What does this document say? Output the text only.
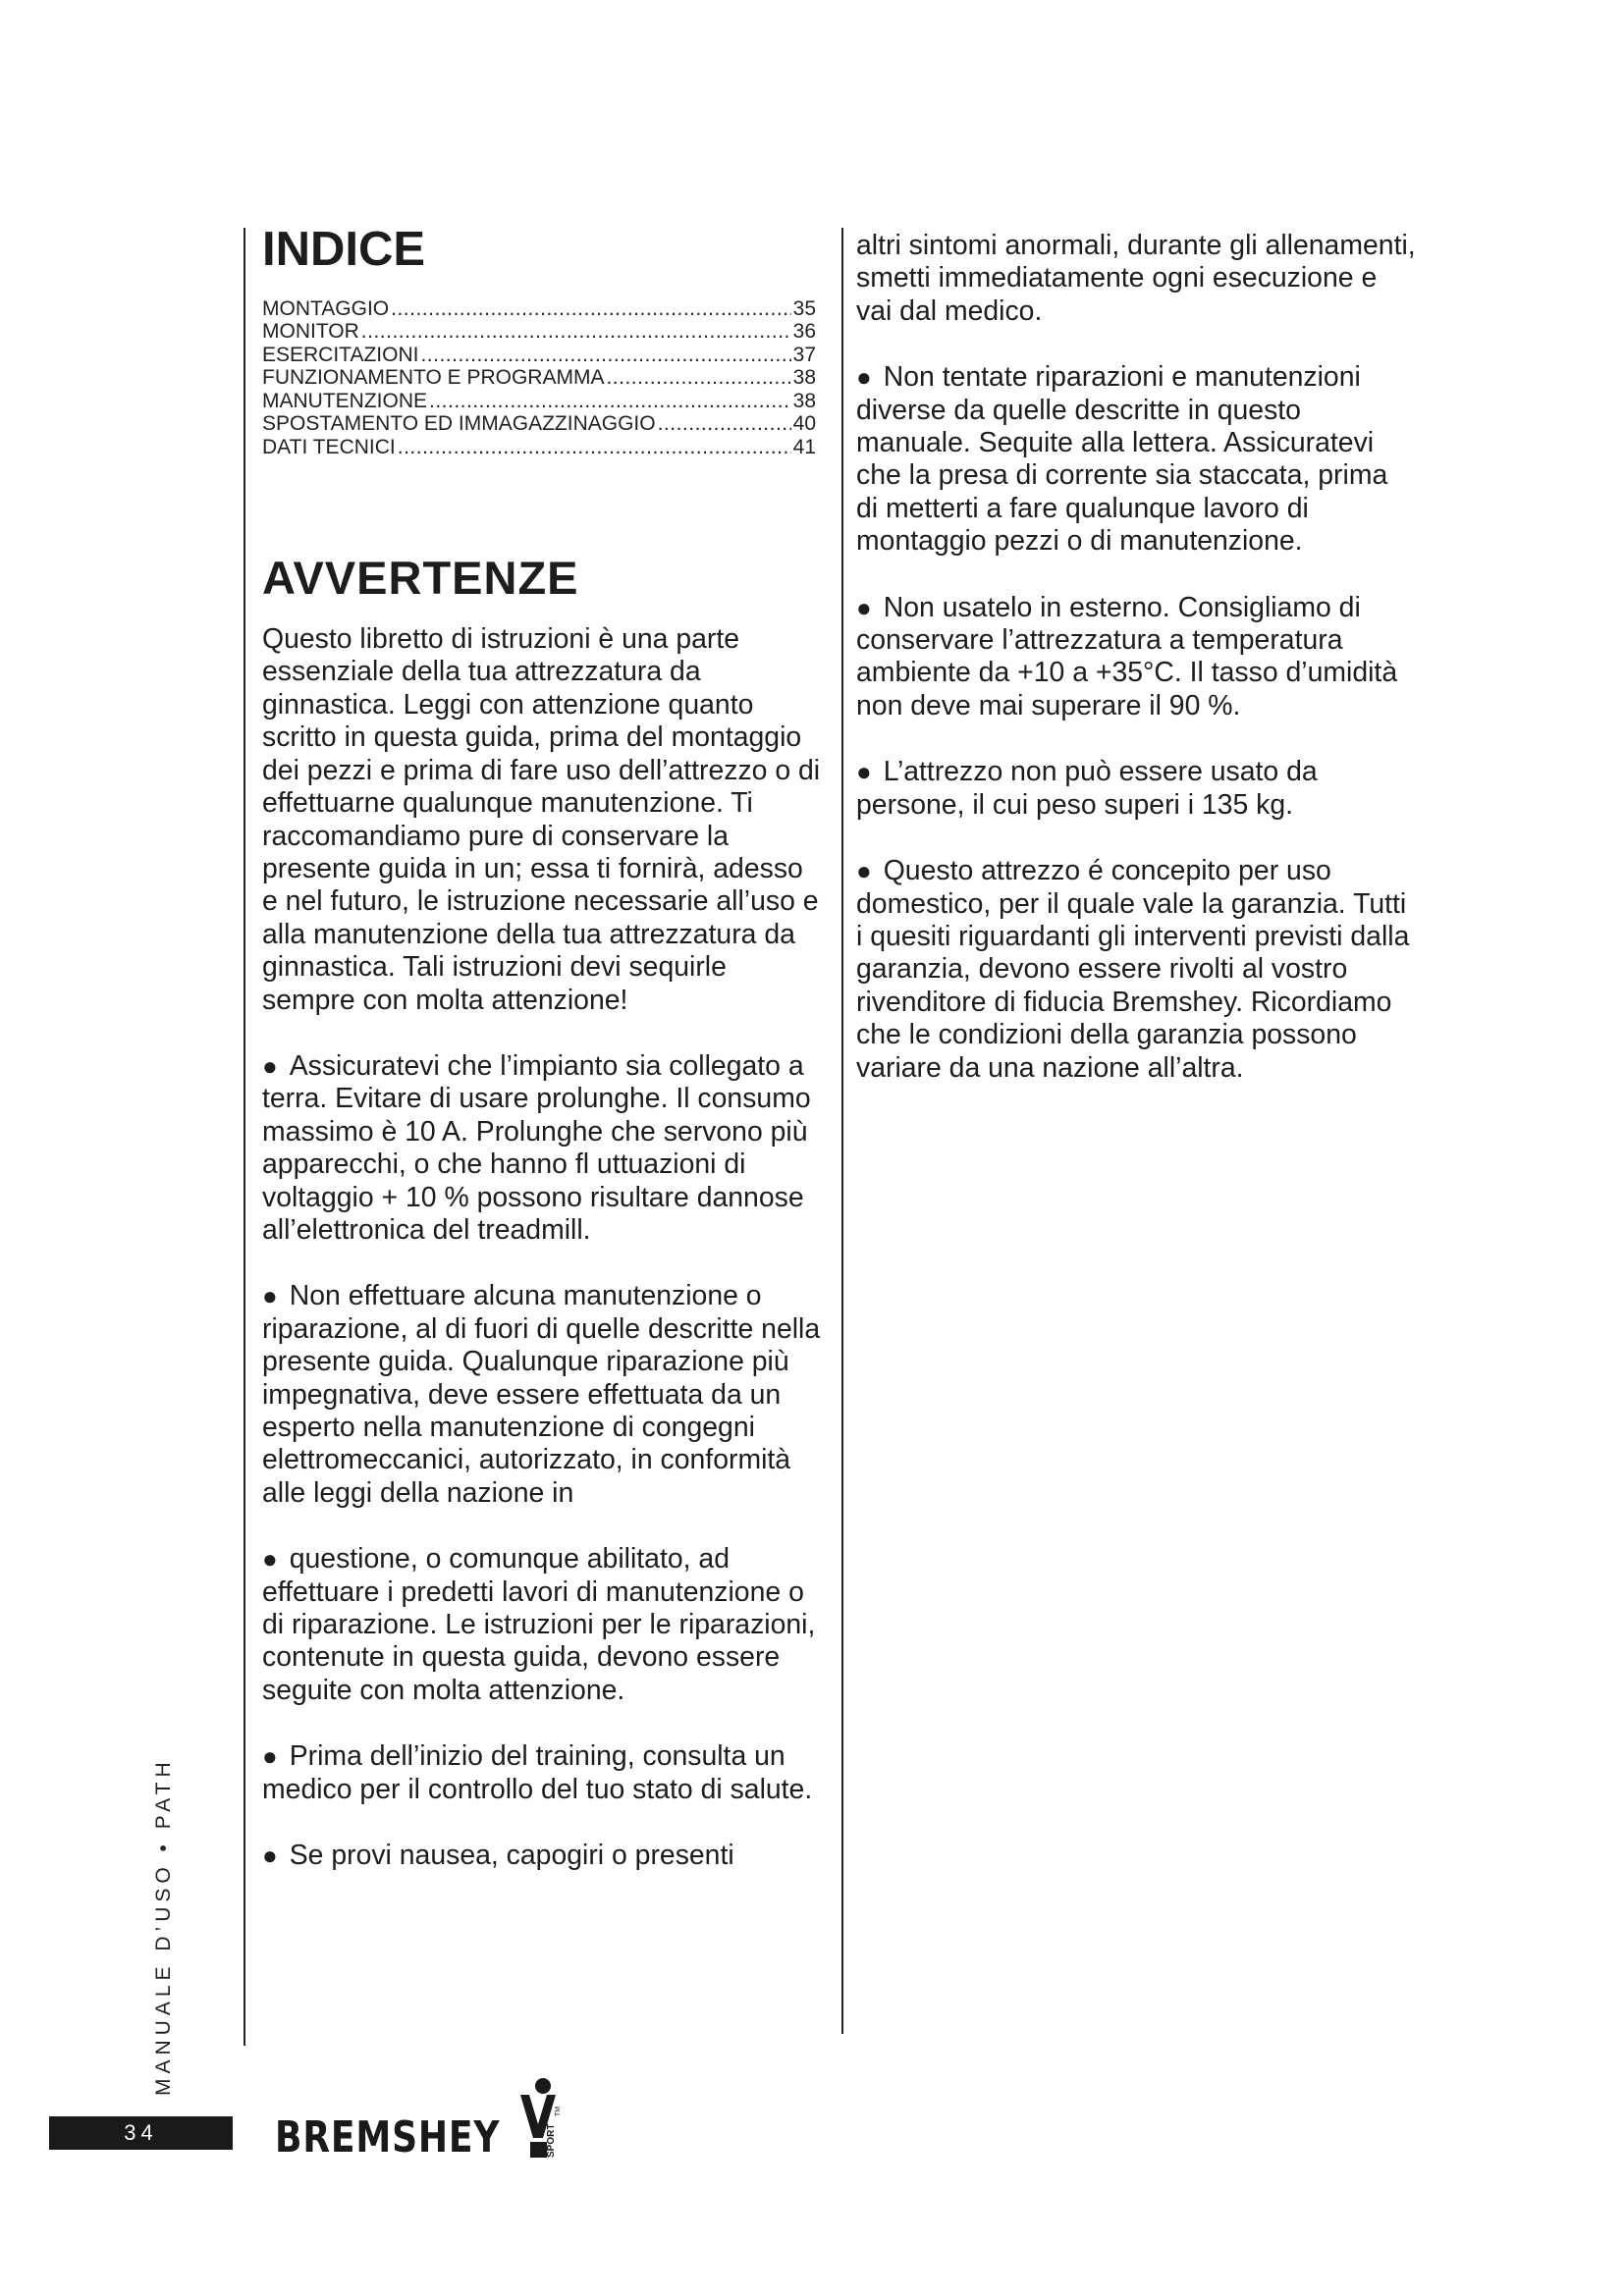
INDICE
MONTAGGIO .....	35
MONITOR .....	36
ESERCITAZIONI .....	37
FUNZIONAMENTO E PROGRAMMA .....	38
MANUTENZIONE .....	38
SPOSTAMENTO ED IMMAGAZZINAGGIO .....	40
DATI TECNICI .....	41
AVVERTENZE

Questo libretto di istruzioni è una parte essenziale della tua attrezzatura da ginnastica. Leggi con attenzione quanto scritto in questa guida, prima del montaggio dei pezzi e prima di fare uso dell’attrezzo o di effettuarne qualunque manutenzione. Ti raccomandiamo pure di conservare la presente guida in un; essa ti fornirà, adesso e nel futuro, le istruzione necessarie all’uso e alla manutenzione della tua attrezzatura da ginnastica. Tali istruzioni devi sequirle sempre con molta attenzione!

● Assicuratevi che l’impianto sia collegato a terra. Evitare di usare prolunghe. Il consumo massimo è 10 A. Prolunghe che servono più apparecchi, o che hanno fl uttuazioni di voltaggio + 10 % possono risultare dannose all’elettronica del treadmill.

● Non effettuare alcuna manutenzione o riparazione, al di fuori di quelle descritte nella presente guida. Qualunque riparazione più impegnativa, deve essere effettuata da un esperto nella manutenzione di congegni elettromeccanici, autorizzato, in conformità alle leggi della nazione in

● questione, o comunque abilitato, ad effettuare i predetti lavori di manutenzione o di riparazione. Le istruzioni per le riparazioni, contenute in questa guida, devono essere seguite con molta attenzione.

● Prima dell’inizio del training, consulta un medico per il controllo del tuo stato di salute.

● Se provi nausea, capogiri o presenti

altri sintomi anormali, durante gli allenamenti, smetti immediatamente ogni esecuzione e vai dal medico.

● Non tentate riparazioni e manutenzioni diverse da quelle descritte in questo manuale. Sequite alla lettera. Assicuratevi che la presa di corrente sia staccata, prima di metterti a fare qualunque lavoro di montaggio pezzi o di manutenzione.

● Non usatelo in esterno. Consigliamo di conservare l’attrezzatura a temperatura ambiente da +10 a +35°C. Il tasso d’umidità non deve mai superare il 90 %.

● L’attrezzo non può essere usato da persone, il cui peso superi i 135 kg.

● Questo attrezzo é concepito per uso domestico, per il quale vale la garanzia. Tutti i quesiti riguardanti gli interventi previsti dalla garanzia, devono essere rivolti al vostro rivenditore di fiducia Bremshey. Ricordiamo che le condizioni della garanzia possono variare da una nazione all’altra.

MANUALE D’USO • PATH
34	BREMSHEY	SPORT
TM
